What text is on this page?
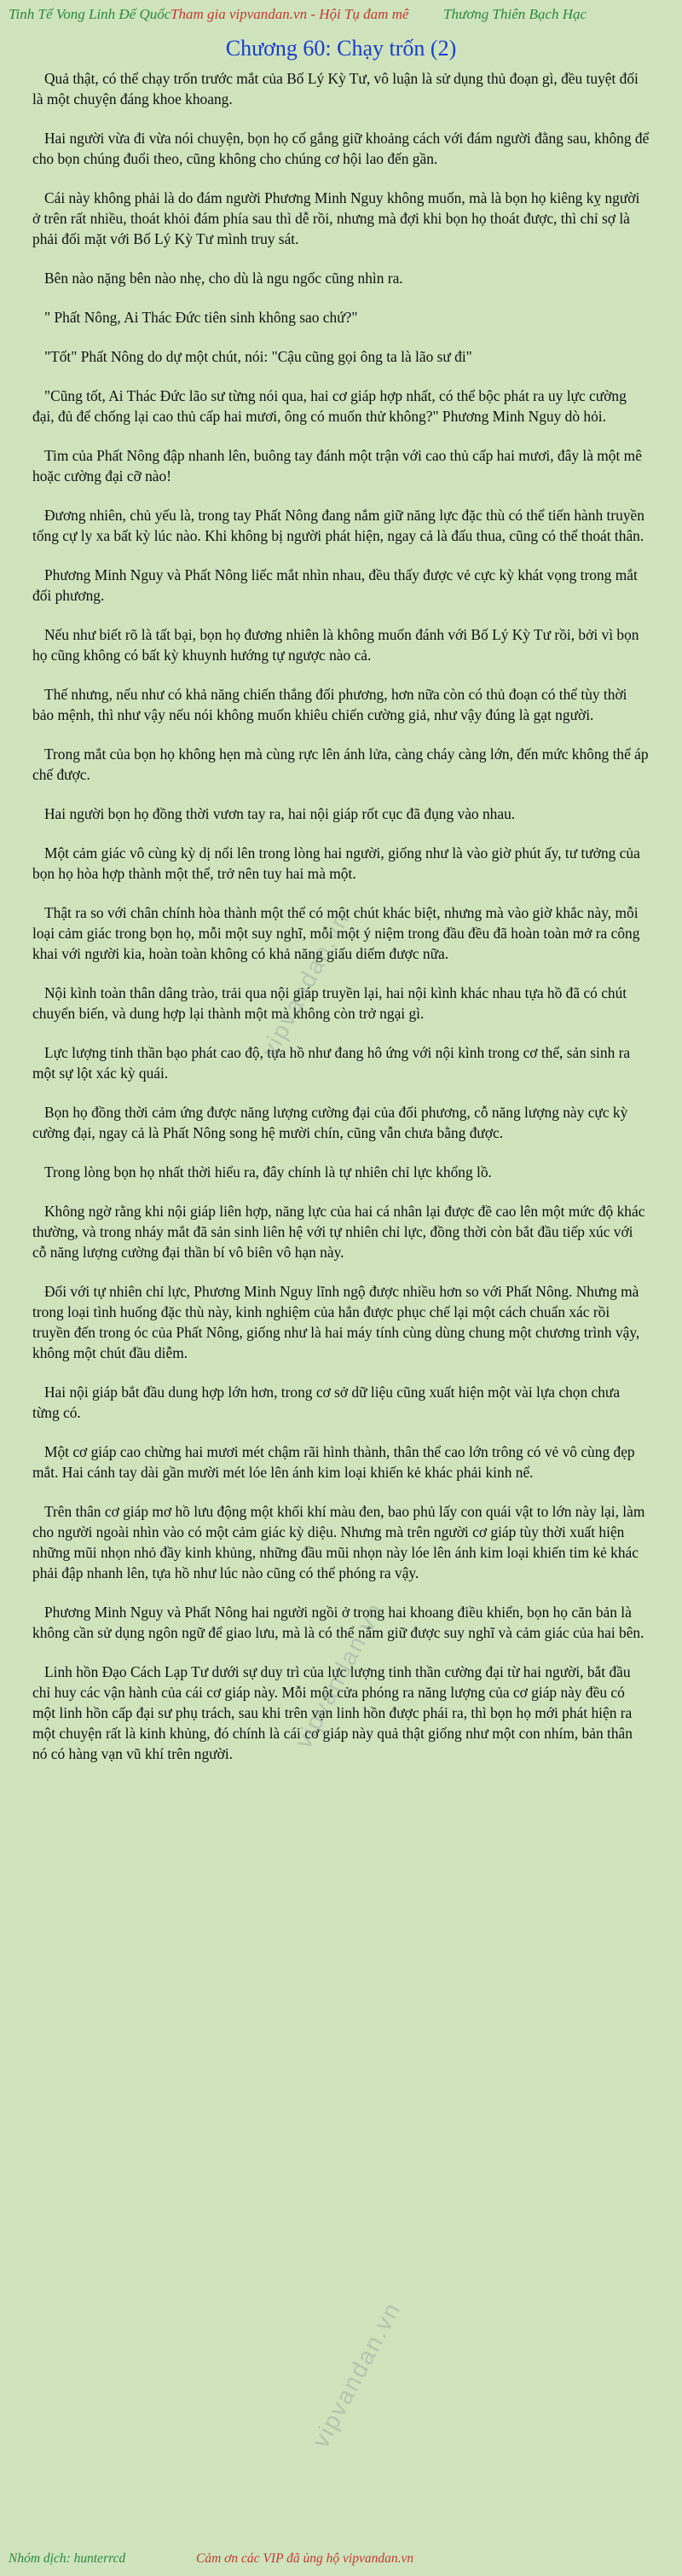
Tinh Tế Vong Linh Đế Quốc Tham gia vipvandan.vn - Hội Tụ đam mê Thương Thiên Bạch Hạc
Chương 60: Chạy trốn (2)

Quả thật, có thể chạy trốn trước mắt của Bố Lý Kỳ Tư, vô luận là sử dụng thủ đoạn gì, đều tuyệt đối là một chuyện đáng khoe khoang.

Hai người vừa đi vừa nói chuyện, bọn họ cố gắng giữ khoảng cách với đám người đằng sau, không để cho bọn chúng đuổi theo, cũng không cho chúng cơ hội lao đến gần.

Cái này không phải là do đám người Phương Minh Nguy không muốn, mà là bọn họ kiêng kỵ người ở trên rất nhiều, thoát khỏi đám phía sau thì dễ rồi, nhưng mà đợi khi bọn họ thoát được, thì chỉ sợ là phải đối mặt với Bố Lý Kỳ Tư mình truy sát.

Bên nào nặng bên nào nhẹ, cho dù là ngu ngốc cũng nhìn ra.

" Phất Nông, Ai Thác Đức tiên sinh không sao chứ?"

"Tốt" Phất Nông do dự một chút, nói: "Cậu cũng gọi ông ta là lão sư đi"

"Cũng tốt, Ai Thác Đức lão sư từng nói qua, hai cơ giáp hợp nhất, có thể bộc phát ra uy lực cường đại, đủ để chống lại cao thủ cấp hai mươi, ông có muốn thử không?" Phương Minh Nguy dò hỏi.

Tim của Phất Nông đập nhanh lên, buông tay đánh một trận với cao thủ cấp hai mươi, đây là một mê hoặc cường đại cỡ nào!

Đương nhiên, chủ yếu là, trong tay Phất Nông đang nắm giữ năng lực đặc thù có thể tiến hành truyền tống cự ly xa bất kỳ lúc nào. Khi không bị người phát hiện, ngay cả là đấu thua, cũng có thể thoát thân.

Phương Minh Nguy và Phất Nông liếc mắt nhìn nhau, đều thấy được vẻ cực kỳ khát vọng trong mắt đối phương.

Nếu như biết rõ là tất bại, bọn họ đương nhiên là không muốn đánh với Bố Lý Kỳ Tư rồi, bởi vì bọn họ cũng không có bất kỳ khuynh hướng tự ngược nào cả.

Thế nhưng, nếu như có khả năng chiến thắng đối phương, hơn nữa còn có thủ đoạn có thể tùy thời bảo mệnh, thì như vậy nếu nói không muốn khiêu chiến cường giả, như vậy đúng là gạt người.

Trong mắt của bọn họ không hẹn mà cùng rực lên ánh lửa, càng cháy càng lớn, đến mức không thể áp chế được.

Hai người bọn họ đồng thời vươn tay ra, hai nội giáp rốt cục đã đụng vào nhau.

Một cảm giác vô cùng kỳ dị nổi lên trong lòng hai người, giống như là vào giờ phút ấy, tư tưởng của bọn họ hòa hợp thành một thể, trở nên tuy hai mà một.

Thật ra so với chân chính hòa thành một thể có một chút khác biệt, nhưng mà vào giờ khắc này, mỗi loại cảm giác trong bọn họ, mỗi một suy nghĩ, mỗi một ý niệm trong đầu đều đã hoàn toàn mở ra công khai với người kia, hoàn toàn không có khả năng giấu diếm được nữa.

Nội kình toàn thân dâng trào, trải qua nội giáp truyền lại, hai nội kình khác nhau tựa hồ đã có chút chuyển biến, và dung hợp lại thành một mà không còn trở ngại gì.

Lực lượng tinh thần bạo phát cao độ, tựa hồ như đang hô ứng với nội kình trong cơ thể, sản sinh ra một sự lột xác kỳ quái.

Bọn họ đồng thời cảm ứng được năng lượng cường đại của đối phương, cỗ năng lượng này cực kỳ cường đại, ngay cả là Phất Nông song hệ mười chín, cũng vẫn chưa bằng được.

Trong lòng bọn họ nhất thời hiểu ra, đây chính là tự nhiên chỉ lực khổng lồ.

Không ngờ rằng khi nội giáp liên hợp, năng lực của hai cá nhân lại được đề cao lên một mức độ khác thường, và trong nháy mắt đã sản sinh liên hệ với tự nhiên chỉ lực, đồng thời còn bắt đầu tiếp xúc với cỗ năng lượng cường đại thần bí vô biên vô hạn này.

Đối với tự nhiên chỉ lực, Phương Minh Nguy lĩnh ngộ được nhiều hơn so với Phất Nông. Nhưng mà trong loại tình huống đặc thù này, kinh nghiệm của hắn được phục chế lại một cách chuẩn xác rồi truyền đến trong óc của Phất Nông, giống như là hai máy tính cùng dùng chung một chương trình vậy, không một chút đầu diễm.

Hai nội giáp bắt đầu dung hợp lớn hơn, trong cơ sở dữ liệu cũng xuất hiện một vài lựa chọn chưa từng có.

Một cơ giáp cao chừng hai mươi mét chậm rãi hình thành, thân thể cao lớn trông có vẻ vô cùng đẹp mắt. Hai cánh tay dài gần mười mét lóe lên ánh kim loại khiến kẻ khác phải kinh nể.

Trên thân cơ giáp mơ hồ lưu động một khối khí màu đen, bao phủ lấy con quái vật to lớn này lại, làm cho người ngoài nhìn vào có một cảm giác kỳ diệu. Nhưng mà trên người cơ giáp tùy thời xuất hiện những mũi nhọn nhỏ đầy kinh khủng, những đầu mũi nhọn này lóe lên ánh kim loại khiến tim kẻ khác phải đập nhanh lên, tựa hồ như lúc nào cũng có thể phóng ra vậy.

Phương Minh Nguy và Phất Nông hai người ngồi ở trong hai khoang điều khiển, bọn họ căn bản là không cần sử dụng ngôn ngữ để giao lưu, mà là có thể nắm giữ được suy nghĩ và cảm giác của hai bên.

Linh hồn Đạo Cách Lạp Tư dưới sự duy trì của lực lượng tinh thần cường đại từ hai người, bắt đầu chỉ huy các vận hành của cái cơ giáp này. Mỗi một cửa phóng ra năng lượng của cơ giáp này đều có một linh hồn cấp đại sư phụ trách, sau khi trên vạn linh hồn được phái ra, thì bọn họ mới phát hiện ra một chuyện rất là kinh khủng, đó chính là cái cơ giáp này quả thật giống như một con nhím, bản thân nó có hàng vạn vũ khí trên người.

vipvandan.vn
vipvandan.vn
vipvandan.vn
Nhóm dịch: hunterrcd	Cảm ơn các VIP đã ủng hộ vipvandan.vn
